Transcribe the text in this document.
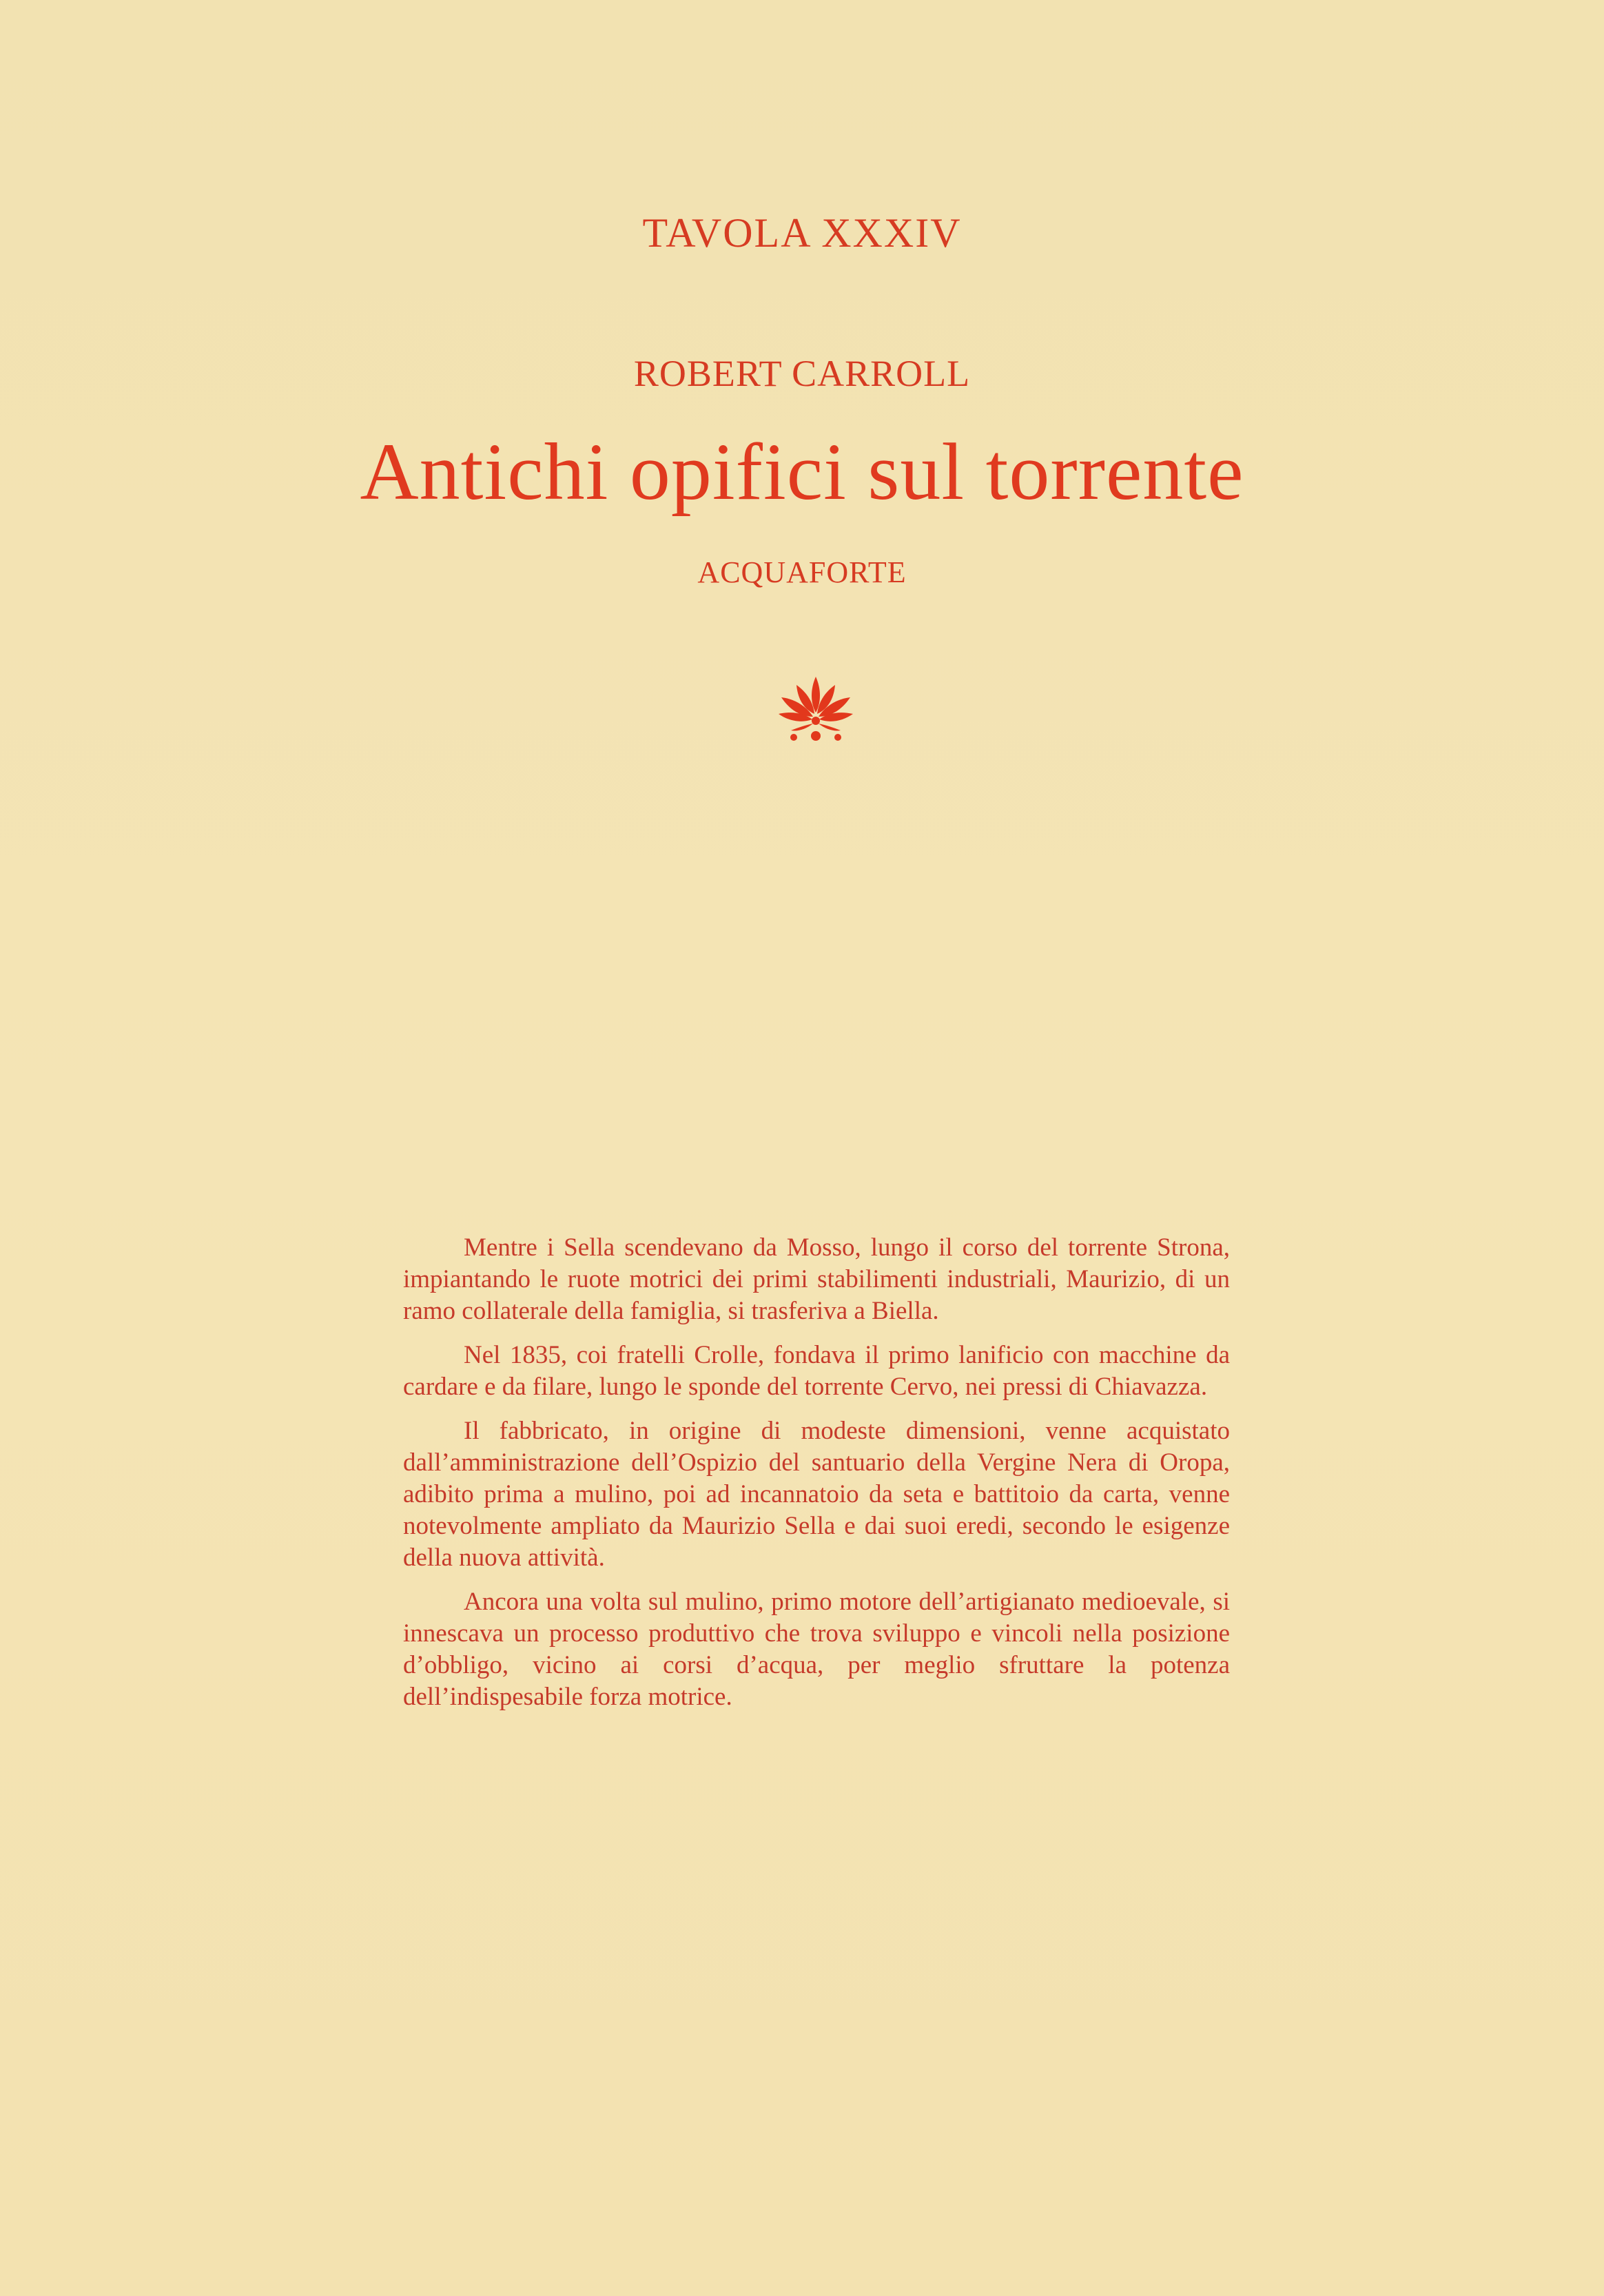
TAVOLA XXXIV
ROBERT CARROLL
Antichi opifici sul torrente
ACQUAFORTE

Mentre i Sella scendevano da Mosso, lungo il corso del torrente Strona, impiantando le ruote motrici dei primi stabilimenti industriali, Maurizio, di un ramo collaterale della famiglia, si trasferiva a Biella.

Nel 1835, coi fratelli Crolle, fondava il primo lanificio con macchine da cardare e da filare, lungo le sponde del torrente Cervo, nei pressi di Chiavazza.

Il fabbricato, in origine di modeste dimensioni, venne acquistato dall’amministrazione dell’Ospizio del santuario della Vergine Nera di Oropa, adibito prima a mulino, poi ad incannatoio da seta e battitoio da carta, venne notevolmente ampliato da Maurizio Sella e dai suoi eredi, secondo le esigenze della nuova attività.

Ancora una volta sul mulino, primo motore dell’artigianato medioevale, si innescava un processo produttivo che trova sviluppo e vincoli nella posizione d’obbligo, vicino ai corsi d’acqua, per meglio sfruttare la potenza dell’indispesabile forza motrice.
